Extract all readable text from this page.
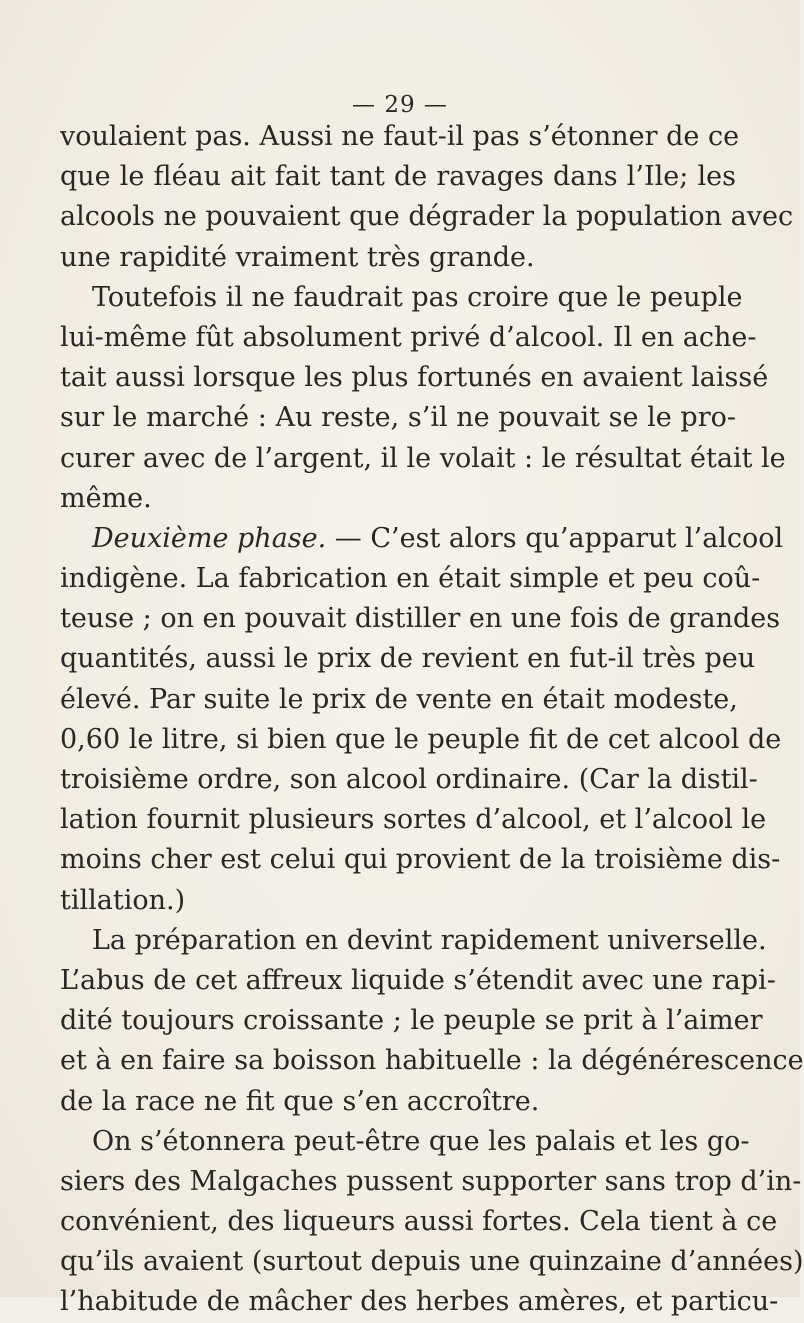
— 29 —
voulaient pas. Aussi ne faut-il pas s’étonner de ce
que le fléau ait fait tant de ravages dans l’Ile; les
alcools ne pouvaient que dégrader la population avec
une rapidité vraiment très grande.
Toutefois il ne faudrait pas croire que le peuple
lui-même fût absolument privé d’alcool. Il en ache-
tait aussi lorsque les plus fortunés en avaient laissé
sur le marché : Au reste, s’il ne pouvait se le pro-
curer avec de l’argent, il le volait : le résultat était le
même.
Deuxième phase. — C’est alors qu’apparut l’alcool
indigène. La fabrication en était simple et peu coû-
teuse ; on en pouvait distiller en une fois de grandes
quantités, aussi le prix de revient en fut-il très peu
élevé. Par suite le prix de vente en était modeste,
0,60 le litre, si bien que le peuple fit de cet alcool de
troisième ordre, son alcool ordinaire. (Car la distil-
lation fournit plusieurs sortes d’alcool, et l’alcool le
moins cher est celui qui provient de la troisième dis-
tillation.)
La préparation en devint rapidement universelle.
L’abus de cet affreux liquide s’étendit avec une rapi-
dité toujours croissante ; le peuple se prit à l’aimer
et à en faire sa boisson habituelle : la dégénérescence
de la race ne fit que s’en accroître.
On s’étonnera peut-être que les palais et les go-
siers des Malgaches pussent supporter sans trop d’in-
convénient, des liqueurs aussi fortes. Cela tient à ce
qu’ils avaient (surtout depuis une quinzaine d’années)
l’habitude de mâcher des herbes amères, et particu-
